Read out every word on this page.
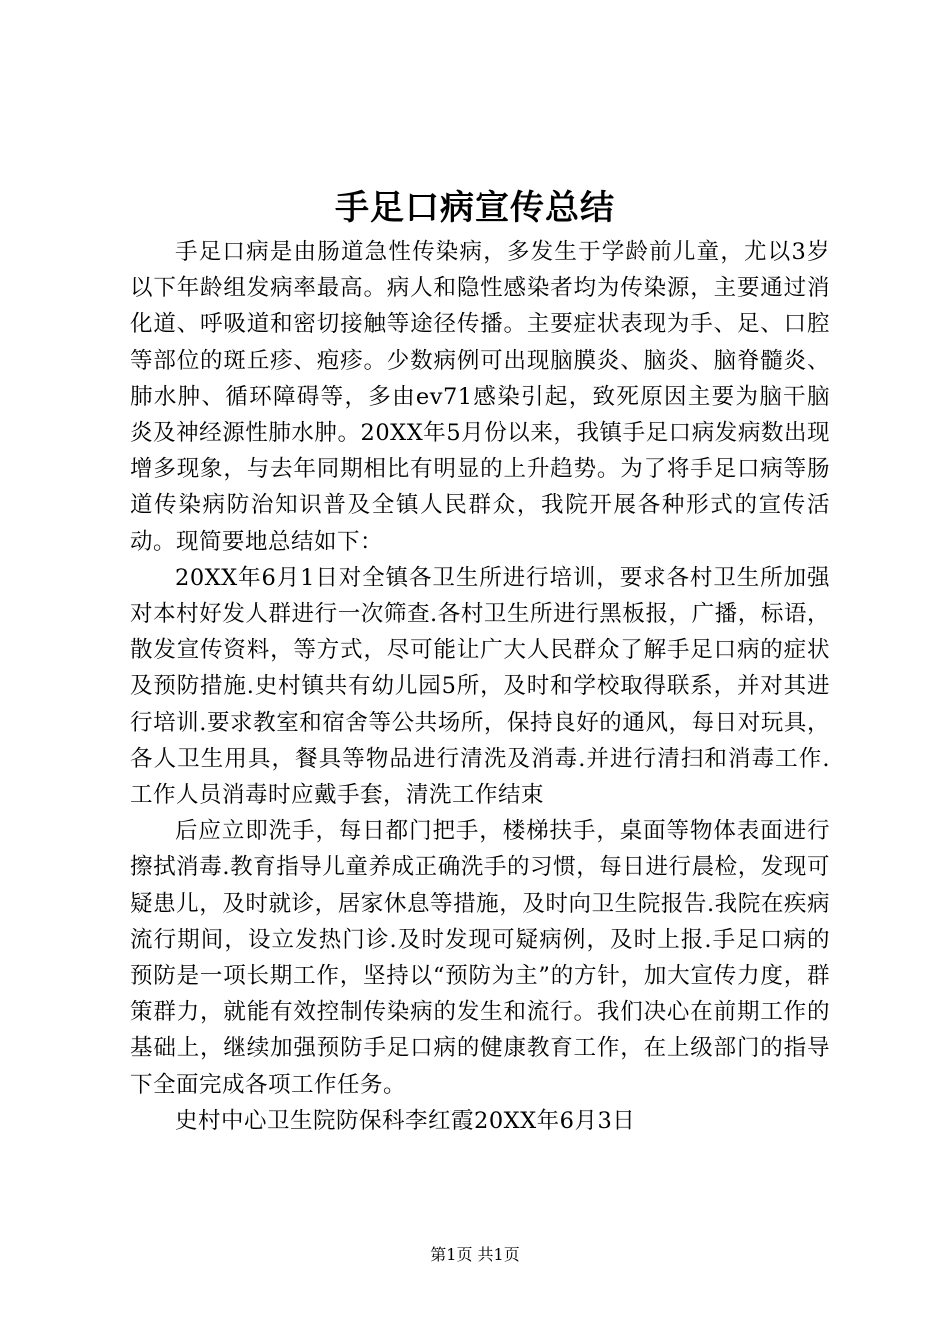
手足口病宣传总结

手足口病是由肠道急性传染病，多发生于学龄前儿童，尤以3岁以下年龄组发病率最高。病人和隐性感染者均为传染源，主要通过消化道、呼吸道和密切接触等途径传播。主要症状表现为手、足、口腔等部位的斑丘疹、疱疹。少数病例可出现脑膜炎、脑炎、脑脊髓炎、肺水肿、循环障碍等，多由ev71感染引起，致死原因主要为脑干脑炎及神经源性肺水肿。20XX年5月份以来，我镇手足口病发病数出现增多现象，与去年同期相比有明显的上升趋势。为了将手足口病等肠道传染病防治知识普及全镇人民群众，我院开展各种形式的宣传活动。现简要地总结如下：

20XX年6月1日对全镇各卫生所进行培训，要求各村卫生所加强对本村好发人群进行一次筛查.各村卫生所进行黑板报，广播，标语，散发宣传资料，等方式，尽可能让广大人民群众了解手足口病的症状及预防措施.史村镇共有幼儿园5所，及时和学校取得联系，并对其进行培训.要求教室和宿舍等公共场所，保持良好的通风，每日对玩具，各人卫生用具，餐具等物品进行清洗及消毒.并进行清扫和消毒工作.工作人员消毒时应戴手套，清洗工作结束

后应立即洗手，每日都门把手，楼梯扶手，桌面等物体表面进行擦拭消毒.教育指导儿童养成正确洗手的习惯，每日进行晨检，发现可疑患儿，及时就诊，居家休息等措施，及时向卫生院报告.我院在疾病流行期间，设立发热门诊.及时发现可疑病例，及时上报.手足口病的预防是一项长期工作，坚持以“预防为主”的方针，加大宣传力度，群策群力，就能有效控制传染病的发生和流行。我们决心在前期工作的基础上，继续加强预防手足口病的健康教育工作，在上级部门的指导下全面完成各项工作任务。

史村中心卫生院防保科李红霞20XX年6月3日

第1页 共1页
